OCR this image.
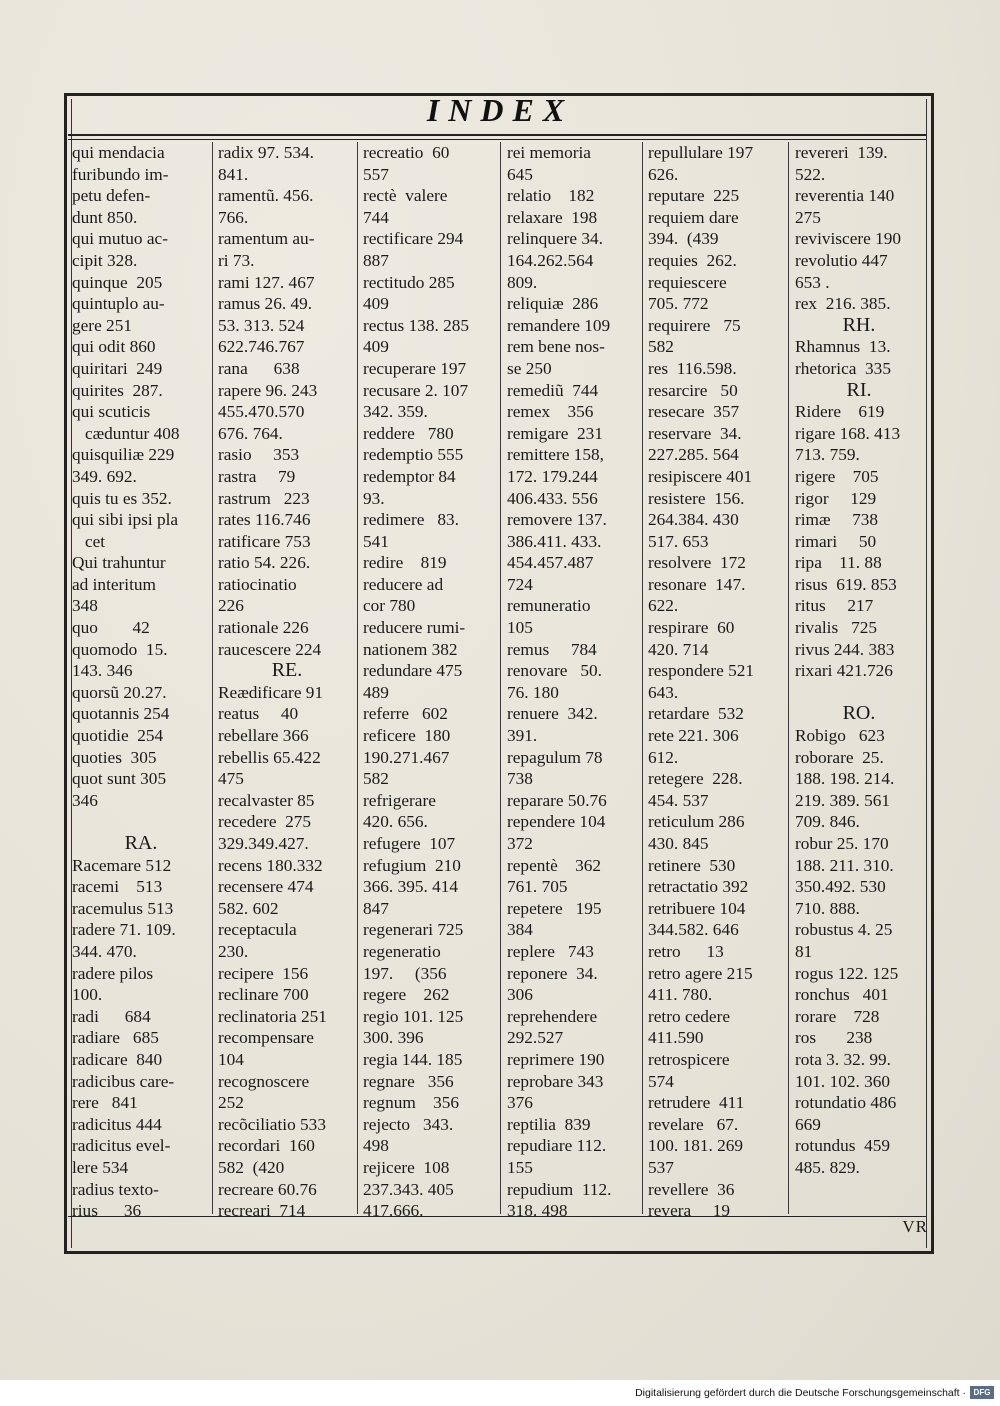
INDEX
qui mendacia
furibundo im-
petu defen-
dunt 850.
qui mutuo ac-
cipit 328.
quinque  205
quintuplo au-
gere 251
qui odit 860
quiritari  249
quirites  287.
qui scuticis
cæduntur 408
quisquiliæ 229
349. 692.
quis tu es 352.
qui sibi ipsi pla
cet
Qui trahuntur
ad interitum
348
quo        42
quomodo  15.
143. 346
quorsũ 20.27.
quotannis 254
quotidie  254
quoties  305
quot sunt 305
346
RA.
Racemare 512
racemi    513
racemulus 513
radere 71. 109.
344. 470.
radere pilos
100.
radi      684
radiare   685
radicare  840
radicibus care-
rere   841
radicitus 444
radicitus evel-
lere 534
radius texto-
rius      36
radix 97. 534.
841.
ramentũ. 456.
766.
ramentum au-
ri 73.
rami 127. 467
ramus 26. 49.
53. 313. 524
622.746.767
rana      638
rapere 96. 243
455.470.570
676. 764.
rasio     353
rastra     79
rastrum   223
rates 116.746
ratificare 753
ratio 54. 226.
ratiocinatio
226
rationale 226
raucescere 224
RE.
Reædificare 91
reatus     40
rebellare 366
rebellis 65.422
475
recalvaster 85
recedere  275
329.349.427.
recens 180.332
recensere 474
582. 602
receptacula
230.
recipere  156
reclinare 700
reclinatoria 251
recompensare
104
recognoscere
252
recõciliatio 533
recordari  160
582  (420
recreare 60.76
recreari  714
recreatio  60
557
rectè  valere
744
rectificare 294
887
rectitudo 285
409
rectus 138. 285
409
recuperare 197
recusare 2. 107
342. 359.
reddere   780
redemptio 555
redemptor 84
93.
redimere   83.
541
redire    819
reducere ad
cor 780
reducere rumi-
nationem 382
redundare 475
489
referre   602
reficere  180
190.271.467
582
refrigerare
420. 656.
refugere  107
refugium  210
366. 395. 414
847
regenerari 725
regeneratio
197.     (356
regere    262
regio 101. 125
300. 396
regia 144. 185
regnare   356
regnum    356
rejecto   343.
498
rejicere  108
237.343. 405
417.666.
rei memoria
645
relatio    182
relaxare  198
relinquere 34.
164.262.564
809.
reliquiæ  286
remandere 109
rem bene nos-
se 250
remediũ  744
remex    356
remigare  231
remittere 158,
172. 179.244
406.433. 556
removere 137.
386.411. 433.
454.457.487
724
remuneratio
105
remus     784
renovare   50.
76. 180
renuere  342.
391.
repagulum 78
738
reparare 50.76
rependere 104
372
repentè    362
761. 705
repetere   195
384
replere   743
reponere  34.
306
reprehendere
292.527
reprimere 190
reprobare 343
376
reptilia  839
repudiare 112.
155
repudium  112.
318. 498
repullulare 197
626.
reputare  225
requiem dare
394.  (439
requies  262.
requiescere
705. 772
requirere   75
582
res  116.598.
resarcire   50
resecare  357
reservare  34.
227.285. 564
resipiscere 401
resistere  156.
264.384. 430
517. 653
resolvere  172
resonare  147.
622.
respirare  60
420. 714
respondere 521
643.
retardare  532
rete 221. 306
612.
retegere  228.
454. 537
reticulum 286
430. 845
retinere  530
retractatio 392
retribuere 104
344.582. 646
retro      13
retro agere 215
411. 780.
retro cedere
411.590
retrospicere
574
retrudere  411
revelare   67.
100. 181. 269
537
revellere  36
revera     19
revereri  139.
522.
reverentia 140
275
reviviscere 190
revolutio 447
653 .
rex  216. 385.
RH.
Rhamnus  13.
rhetorica  335
RI.
Ridere    619
rigare 168. 413
713. 759.
rigere    705
rigor     129
rimæ     738
rimari     50
ripa    11. 88
risus  619. 853
ritus     217
rivalis   725
rivus 244. 383
rixari 421.726
RO.
Robigo   623
roborare  25.
188. 198. 214.
219. 389. 561
709. 846.
robur 25. 170
188. 211. 310.
350.492. 530
710. 888.
robustus 4. 25
81
rogus 122. 125
ronchus   401
rorare    728
ros       238
rota 3. 32. 99.
101. 102. 360
rotundatio 486
669
rotundus  459
485. 829.
VR
Digitalisierung gefördert durch die Deutsche Forschungsgemeinschaft · DFG
